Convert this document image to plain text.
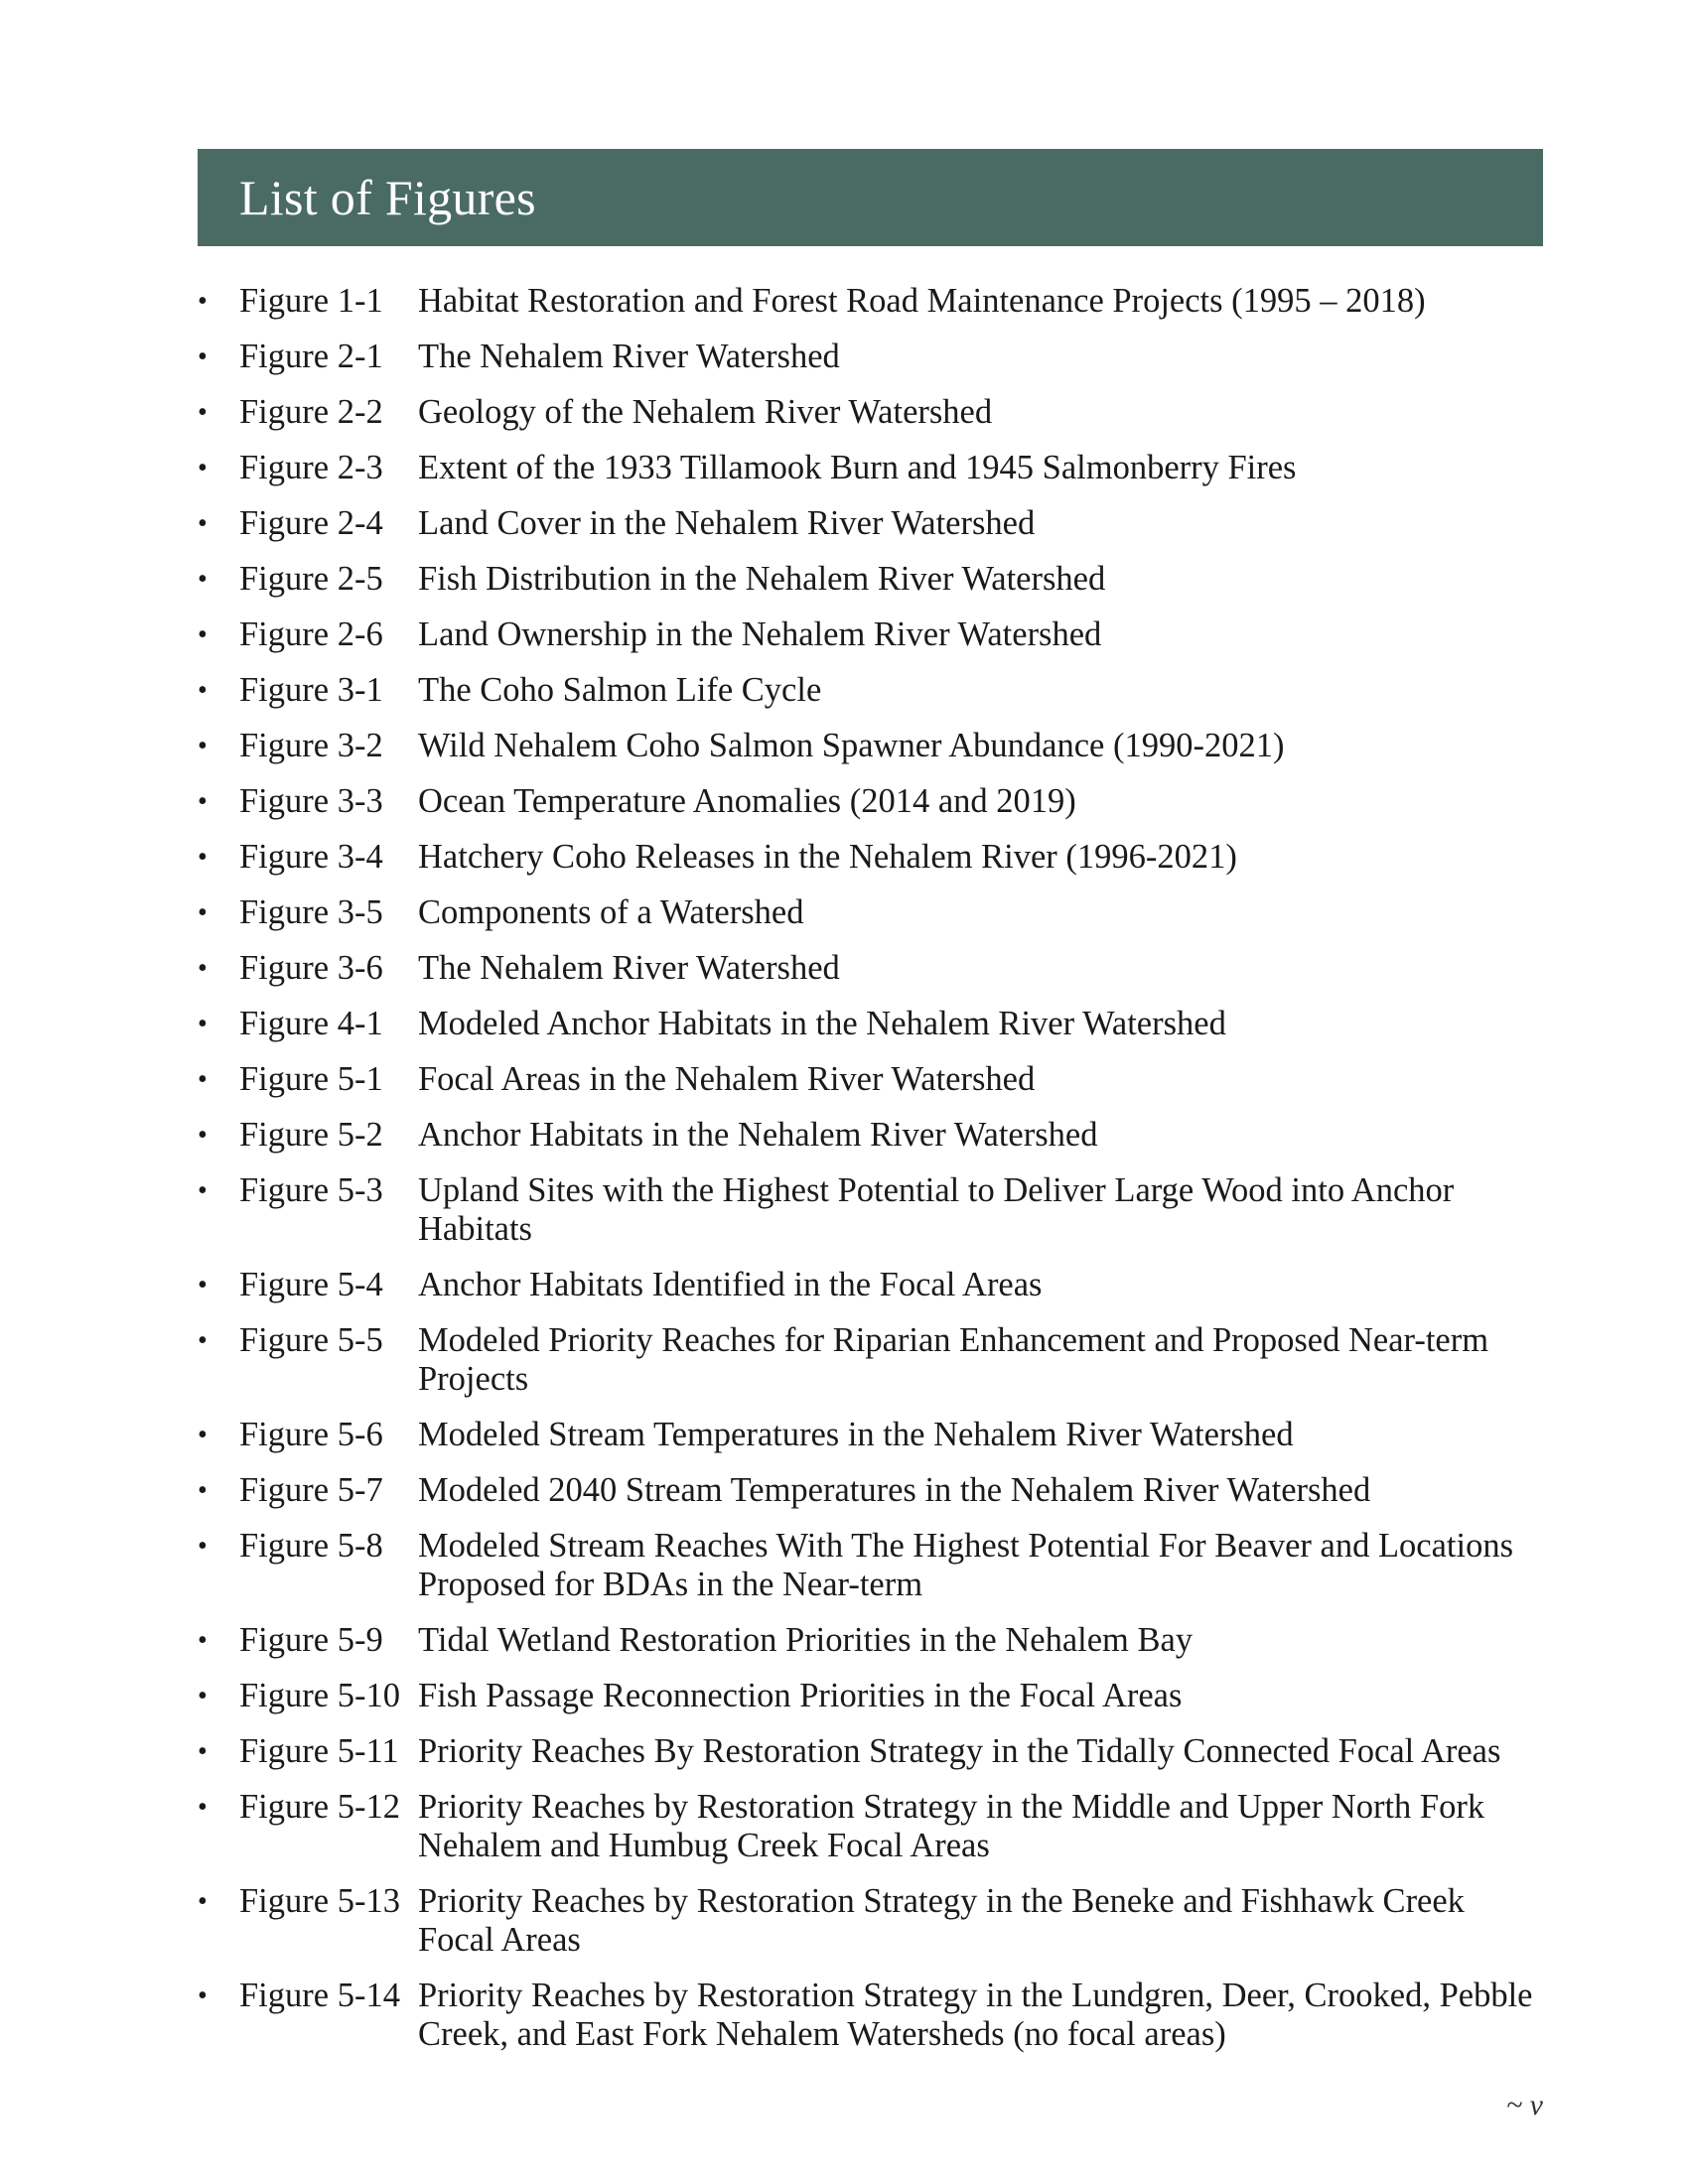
List of Figures
• Figure 1-1	Habitat Restoration and Forest Road Maintenance Projects (1995 – 2018)
• Figure 2-1	The Nehalem River Watershed
• Figure 2-2	Geology of the Nehalem River Watershed
• Figure 2-3	Extent of the 1933 Tillamook Burn and 1945 Salmonberry Fires
• Figure 2-4	Land Cover in the Nehalem River Watershed
• Figure 2-5	Fish Distribution in the Nehalem River Watershed
• Figure 2-6	Land Ownership in the Nehalem River Watershed
• Figure 3-1	The Coho Salmon Life Cycle
• Figure 3-2	Wild Nehalem Coho Salmon Spawner Abundance (1990-2021)
• Figure 3-3	Ocean Temperature Anomalies (2014 and 2019)
• Figure 3-4	Hatchery Coho Releases in the Nehalem River (1996-2021)
• Figure 3-5	Components of a Watershed
• Figure 3-6	The Nehalem River Watershed
• Figure 4-1	Modeled Anchor Habitats in the Nehalem River Watershed
• Figure 5-1	Focal Areas in the Nehalem River Watershed
• Figure 5-2	Anchor Habitats in the Nehalem River Watershed
• Figure 5-3	Upland Sites with the Highest Potential to Deliver Large Wood into Anchor Habitats
• Figure 5-4	Anchor Habitats Identified in the Focal Areas
• Figure 5-5	Modeled Priority Reaches for Riparian Enhancement and Proposed Near-term Projects
• Figure 5-6	Modeled Stream Temperatures in the Nehalem River Watershed
• Figure 5-7	Modeled 2040 Stream Temperatures in the Nehalem River Watershed
• Figure 5-8	Modeled Stream Reaches With The Highest Potential For Beaver and Locations Proposed for BDAs in the Near-term
• Figure 5-9	Tidal Wetland Restoration Priorities in the Nehalem Bay
• Figure 5-10 Fish Passage Reconnection Priorities in the Focal Areas
• Figure 5-11 Priority Reaches By Restoration Strategy in the Tidally Connected Focal Areas
• Figure 5-12 Priority Reaches by Restoration Strategy in the Middle and Upper North Fork Nehalem and Humbug Creek Focal Areas
• Figure 5-13 Priority Reaches by Restoration Strategy in the Beneke and Fishhawk Creek Focal Areas
• Figure 5-14 Priority Reaches by Restoration Strategy in the Lundgren, Deer, Crooked, Pebble Creek, and East Fork Nehalem Watersheds (no focal areas)
~ v
